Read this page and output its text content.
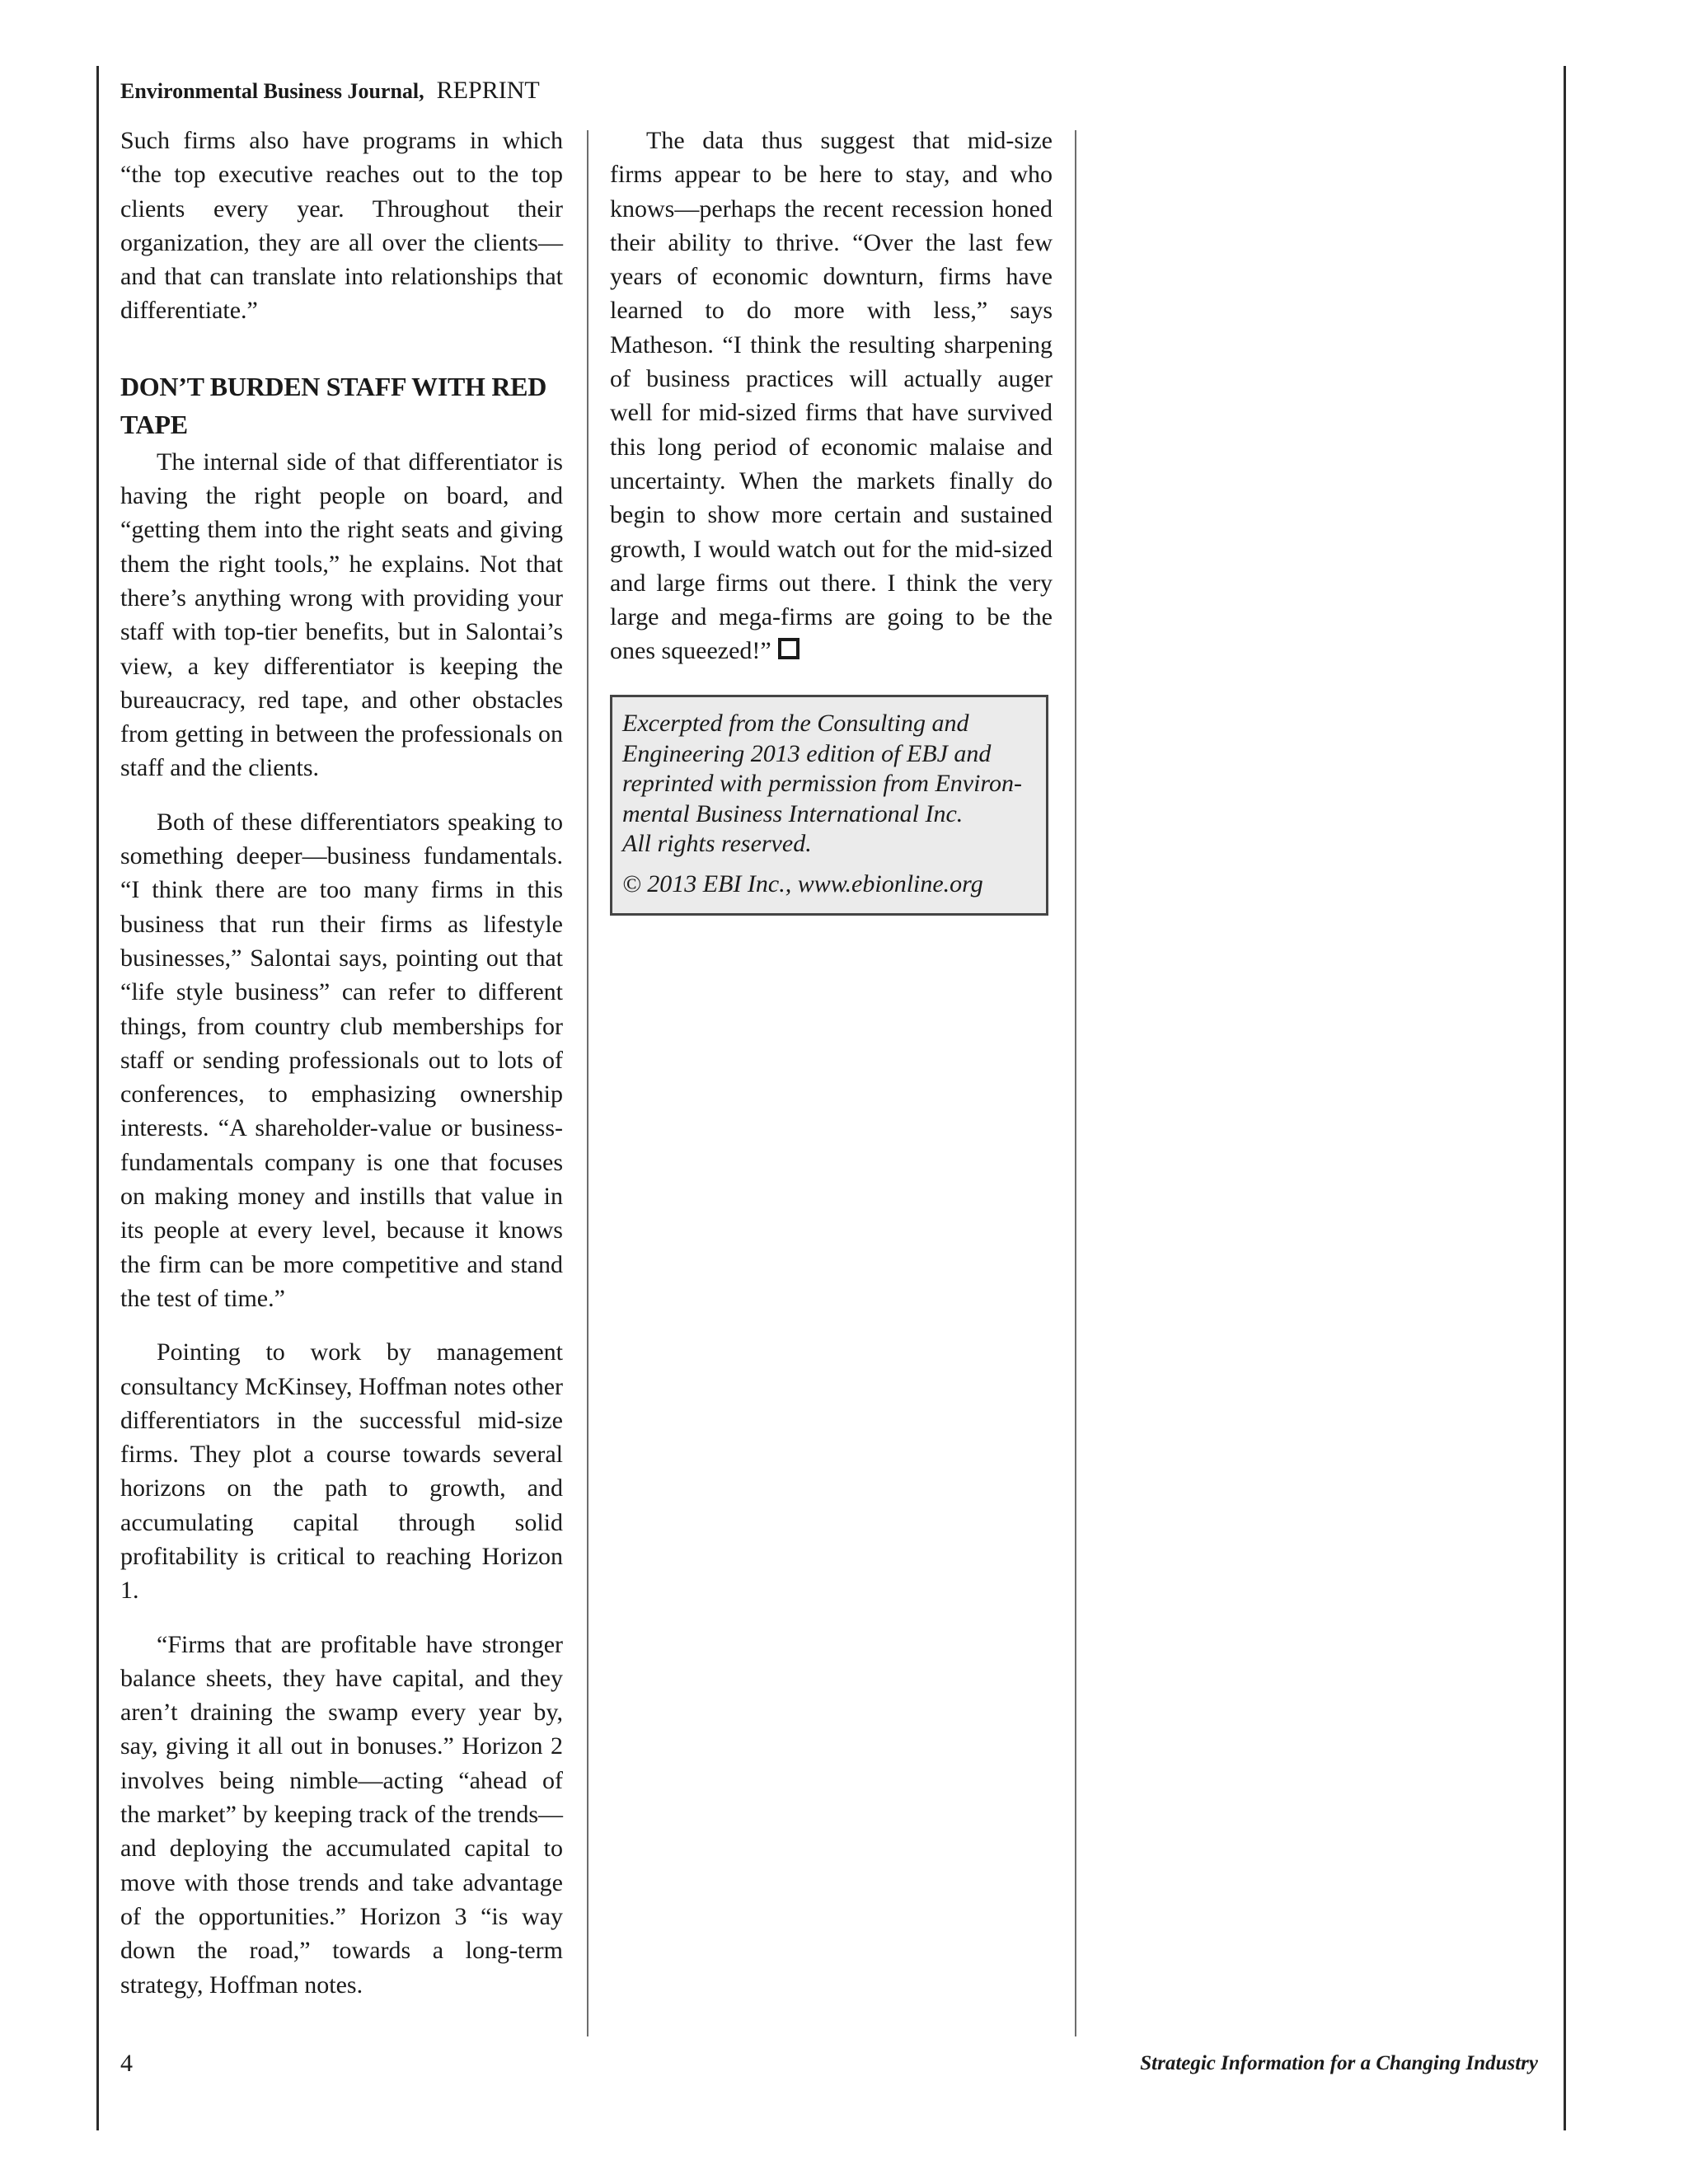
Environmental Business Journal, REPRINT

Such firms also have programs in which “the top executive reaches out to the top clients every year. Throughout their organization, they are all over the clients—and that can translate into relationships that differentiate.”

DON’T BURDEN STAFF WITH RED TAPE

The internal side of that differentiator is having the right people on board, and “getting them into the right seats and giving them the right tools,” he explains. Not that there’s anything wrong with providing your staff with top-tier benefits, but in Salontai’s view, a key differentiator is keeping the bureaucracy, red tape, and other obstacles from getting in between the professionals on staff and the clients.

Both of these differentiators speaking to something deeper—business fundamentals. “I think there are too many firms in this business that run their firms as lifestyle businesses,” Salontai says, pointing out that “life style business” can refer to different things, from country club memberships for staff or sending professionals out to lots of conferences, to emphasizing ownership interests. “A shareholder-value or business-fundamentals company is one that focuses on making money and instills that value in its people at every level, because it knows the firm can be more competitive and stand the test of time.”

Pointing to work by management consultancy McKinsey, Hoffman notes other differentiators in the successful mid-size firms. They plot a course towards several horizons on the path to growth, and accumulating capital through solid profitability is critical to reaching Horizon 1.

“Firms that are profitable have stronger balance sheets, they have capital, and they aren’t draining the swamp every year by, say, giving it all out in bonuses.” Horizon 2 involves being nimble—acting “ahead of the market” by keeping track of the trends—and deploying the accumulated capital to move with those trends and take advantage of the opportunities.” Horizon 3 “is way down the road,” towards a long-term strategy, Hoffman notes.

The data thus suggest that mid-size firms appear to be here to stay, and who knows—perhaps the recent recession honed their ability to thrive. “Over the last few years of economic downturn, firms have learned to do more with less,” says Matheson. “I think the resulting sharpening of business practices will actually auger well for mid-sized firms that have survived this long period of economic malaise and uncertainty. When the markets finally do begin to show more certain and sustained growth, I would watch out for the mid-sized and large firms out there. I think the very large and mega-firms are going to be the ones squeezed!”

Excerpted from the Consulting and
Engineering 2013 edition of EBJ and
reprinted with permission from Environ-
mental Business International Inc.
All rights reserved.
© 2013 EBI Inc., www.ebionline.org
4	Strategic Information for a Changing Industry
